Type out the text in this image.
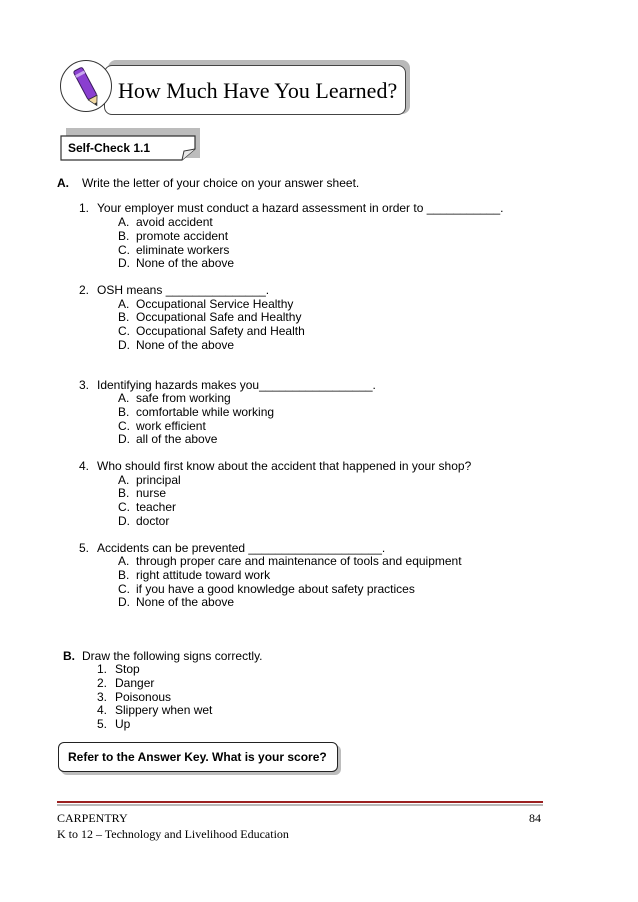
How Much Have You Learned?
Self-Check 1.1
A. Write the letter of your choice on your answer sheet.
1. Your employer must conduct a hazard assessment in order to ___________.
A. avoid accident
B. promote accident
C. eliminate workers
D. None of the above
2. OSH means _______________.
A. Occupational Service Healthy
B. Occupational Safe and Healthy
C. Occupational Safety and Health
D. None of the above
3. Identifying hazards makes you_________________.
A. safe from working
B. comfortable while working
C. work efficient
D. all of the above
4. Who should first know about the accident that happened in your shop?
A. principal
B. nurse
C. teacher
D. doctor
5. Accidents can be prevented ____________________.
A. through proper care and maintenance of tools and equipment
B. right attitude toward work
C. if you have a good knowledge about safety practices
D. None of the above
B. Draw the following signs correctly.
1. Stop
2. Danger
3. Poisonous
4. Slippery when wet
5. Up
Refer to the Answer Key. What is your score?
CARPENTRY	84
K to 12 – Technology and Livelihood Education
